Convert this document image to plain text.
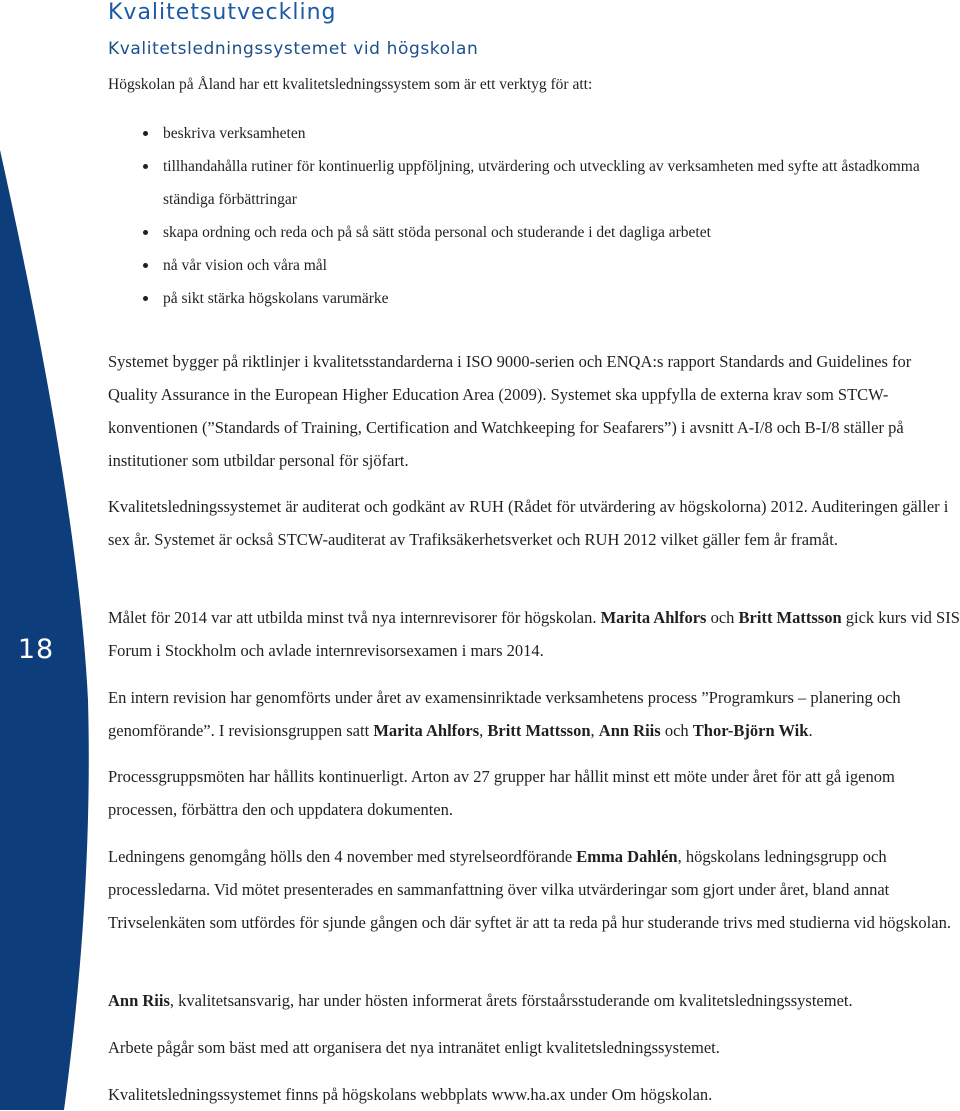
18
Kvalitetsutveckling
Kvalitetsledningssystemet vid högskolan
Högskolan på Åland har ett kvalitetsledningssystem som är ett verktyg för att:
beskriva verksamheten
tillhandahålla rutiner för kontinuerlig uppföljning, utvärdering och utveckling av verksamheten med syfte att åstadkomma ständiga förbättringar
skapa ordning och reda och på så sätt stöda personal och studerande i det dagliga arbetet
nå vår vision och våra mål
på sikt stärka högskolans varumärke

Systemet bygger på riktlinjer i kvalitetsstandarderna i ISO 9000-serien och ENQA:s rapport Standards and Guidelines for Quality Assurance in the European Higher Education Area (2009). Systemet ska uppfylla de externa krav som STCW-konventionen (”Standards of Training, Certification and Watchkeeping for Seafarers”) i avsnitt A-I/8 och B-I/8 ställer på institutioner som utbildar personal för sjöfart.

Kvalitetsledningssystemet är auditerat och godkänt av RUH (Rådet för utvärdering av högskolorna) 2012. Auditeringen gäller i sex år. Systemet är också STCW-auditerat av Trafiksäkerhetsverket och RUH 2012 vilket gäller fem år framåt.

Målet för 2014 var att utbilda minst två nya internrevisorer för högskolan. Marita Ahlfors och Britt Mattsson gick kurs vid SIS Forum i Stockholm och avlade internrevisorsexamen i mars 2014.

En intern revision har genomförts under året av examensinriktade verksamhetens process ”Programkurs – planering och genomförande”. I revisionsgruppen satt Marita Ahlfors, Britt Mattsson, Ann Riis och Thor-Björn Wik.

Processgruppsmöten har hållits kontinuerligt. Arton av 27 grupper har hållit minst ett möte under året för att gå igenom processen, förbättra den och uppdatera dokumenten.

Ledningens genomgång hölls den 4 november med styrelseordförande Emma Dahlén, högskolans ledningsgrupp och processledarna. Vid mötet presenterades en sammanfattning över vilka utvärderingar som gjort under året, bland annat Trivselenkäten som utfördes för sjunde gången och där syftet är att ta reda på hur studerande trivs med studierna vid högskolan.

Ann Riis, kvalitetsansvarig, har under hösten informerat årets förstaårsstuderande om kvalitetsledningssystemet.

Arbete pågår som bäst med att organisera det nya intranätet enligt kvalitetsledningssystemet.

Kvalitetsledningssystemet finns på högskolans webbplats www.ha.ax under Om högskolan.
